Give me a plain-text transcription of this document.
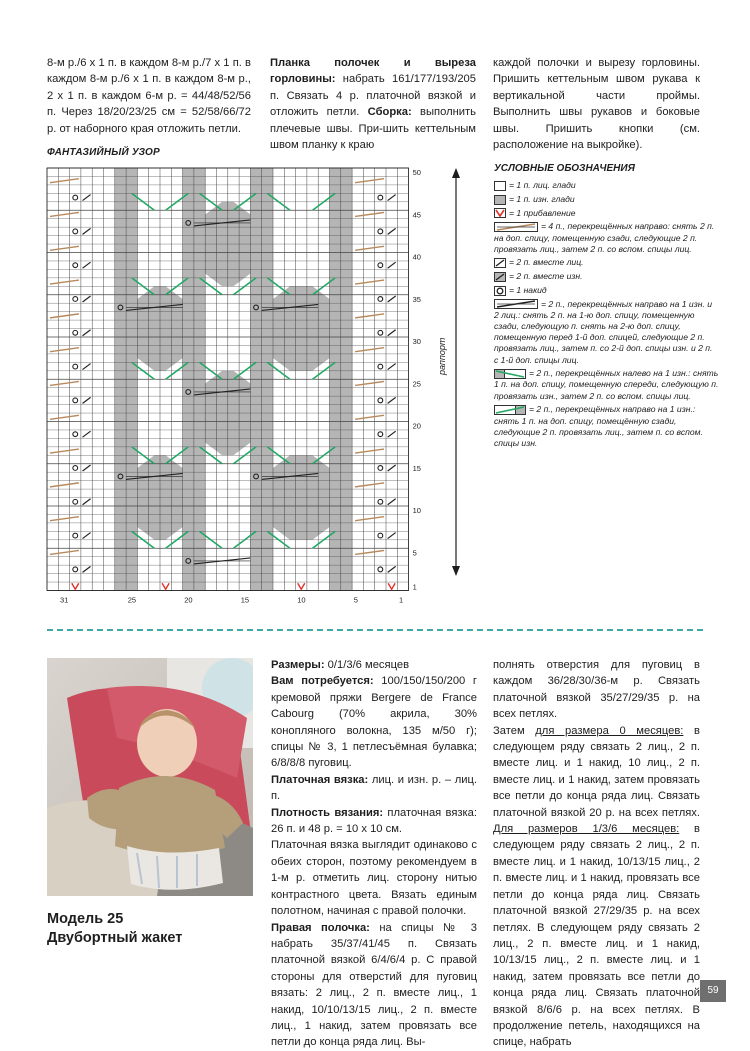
8-м р./6 х 1 п. в каждом 8-м р./7 х 1 п. в каждом 8-м р./6 х 1 п. в каждом 8-м р., 2 х 1 п. в каждом 6-м р. = 44/48/52/56 п. Через 18/20/23/25 см = 52/58/66/72 р. от наборного края отложить петли.

Планка полочек и выреза горловины: набрать 161/177/193/205 п. Связать 4 р. платочной вязкой и отложить петли. Сборка: выполнить плечевые швы. При-шить кеттельным швом планку к краю

каждой полочки и вырезу горловины. Пришить кеттельным швом рукава к вертикальной части проймы. Выполнить швы рукавов и боковые швы. Пришить кнопки (см. расположение на выкройке).

ФАНТАЗИЙНЫЙ УЗОР
50
45
40
35
30
25
20
15
10
5
1
31	25	20	15	10	5	1
раппорт
УСЛОВНЫЕ ОБОЗНАЧЕНИЯ
= 1 п. лиц. глади
= 1 п. изн. глади
= 1 прибавление
= 4 п., перекрещённых направо: снять 2 п. на доп. спицу, помещенную сзади, следующие 2 п. провязать лиц., затем 2 п. со вспом. спицы лиц.
= 2 п. вместе лиц.
= 2 п. вместе изн.
= 1 накид
= 2 п., перекрещённых направо на 1 изн. и 2 лиц.: снять 2 п. на 1-ю доп. спицу, помещенную сзади, следующую п. снять на 2-ю доп. спицу, помещенную перед 1-й доп. спицей, следующие 2 п. провязать лиц., затем п. со 2-й доп. спицы изн. и 2 п. с 1-й доп. спицы лиц.
= 2 п., перекрещённых налево на 1 изн.: снять 1 п. на доп. спицу, помещенную спереди, следующую п. провязать изн., затем 2 п. со вспом. спицы лиц.
= 2 п., перекрещённых направо на 1 изн.: снять 1 п. на доп. спицу, помещённую сзади, следующие 2 п. провязать лиц., затем п. со вспом. спицы изн.
Модель 25
Двубортный жакет

Размеры: 0/1/3/6 месяцев

Вам потребуется: 100/150/150/200 г кремовой пряжи Bergere de France Cabourg (70% акрила, 30% конопляного волокна, 135 м/50 г); спицы № 3, 1 петлесъёмная булавка; 6/8/8/8 пуговиц.

Платочная вязка: лиц. и изн. р. – лиц. п.

Плотность вязания: платочная вязка: 26 п. и 48 р. = 10 х 10 см.

Платочная вязка выглядит одинаково с обеих сторон, поэтому рекомендуем в 1-м р. отметить лиц. сторону нитью контрастного цвета. Вязать единым полотном, начиная с правой полочки.

Правая полочка: на спицы № 3 набрать 35/37/41/45 п. Связать платочной вязкой 6/4/6/4 р. С правой стороны для отверстий для пуговиц вязать: 2 лиц., 2 п. вместе лиц., 1 накид, 10/10/13/15 лиц., 2 п. вместе лиц., 1 накид, затем провязать все петли до конца ряда лиц. Вы-

полнять отверстия для пуговиц в каждом 36/28/30/36-м р. Связать платочной вязкой 35/27/29/35 р. на всех петлях.

Затем для размера 0 месяцев: в следующем ряду связать 2 лиц., 2 п. вместе лиц. и 1 накид, 10 лиц., 2 п. вместе лиц. и 1 накид, затем провязать все петли до конца ряда лиц. Связать платочной вязкой 20 р. на всех петлях. Для размеров 1/3/6 месяцев: в следующем ряду связать 2 лиц., 2 п. вместе лиц. и 1 накид, 10/13/15 лиц., 2 п. вместе лиц. и 1 накид, провязать все петли до конца ряда лиц. Связать платочной вязкой 27/29/35 р. на всех петлях. В следующем ряду связать 2 лиц., 2 п. вместе лиц. и 1 накид, 10/13/15 лиц., 2 п. вместе лиц. и 1 накид, затем провязать все петли до конца ряда лиц. Связать платочной вязкой 8/6/6 р. на всех петлях. В продолжение петель, находящихся на спице, набрать

59
